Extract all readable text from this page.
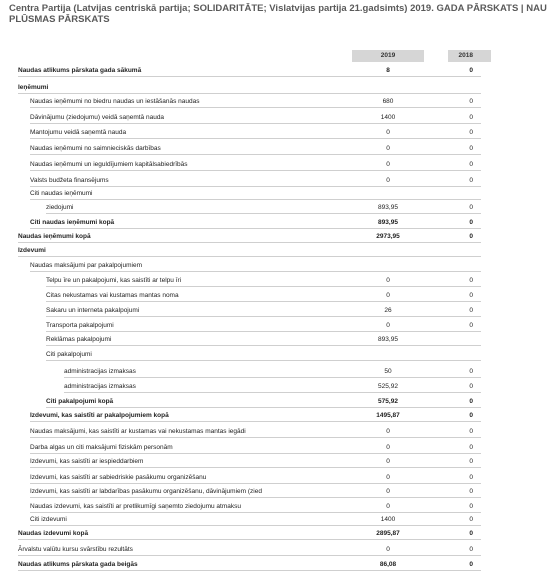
Centra Partija (Latvijas centriskā partija; SOLIDARITĀTE; Vislatvijas partija 21.gadsimts) 2019. GADA PĀRSKATS | NAU
PLŪSMAS PĀRSKATS
2019	2018
Naudas atlikums pārskata gada sākumā	8	0
Ieņēmumi
Naudas ieņēmumi no biedru naudas un iestāšanās naudas	680	0
Dāvinājumu (ziedojumu) veidā saņemtā nauda	1400	0
Mantojumu veidā saņemtā nauda	0	0
Naudas ieņēmumi no saimnieciskās darbības	0	0
Naudas ieņēmumi un ieguldījumiem kapitālsabiedrībās	0	0
Valsts budžeta finansējums	0	0
Citi naudas ieņēmumi
ziedojumi	893,95	0
Citi naudas ieņēmumi kopā	893,95	0
Naudas ieņēmumi kopā	2973,95	0
Izdevumi
Naudas maksājumi par pakalpojumiem
Telpu īre un pakalpojumi, kas saistīti ar telpu īri	0	0
Citas nekustamas vai kustamas mantas noma	0	0
Sakaru un interneta pakalpojumi	26	0
Transporta pakalpojumi	0	0
Reklāmas pakalpojumi	893,95
Citi pakalpojumi
administracijas izmaksas	50	0
administracijas izmaksas	525,92	0
Citi pakalpojumi kopā	575,92	0
Izdevumi, kas saistīti ar pakalpojumiem kopā	1495,87	0
Naudas maksājumi, kas saistīti ar kustamas vai nekustamas mantas iegādi	0	0
Darba algas un citi maksājumi fiziskām personām	0	0
Izdevumi, kas saistīti ar iespieddarbiem	0	0
Izdevumi, kas saistīti ar sabiedriskie pasākumu organizēšanu	0	0
Izdevumi, kas saistīti ar labdarības pasākumu organizēšanu, dāvinājumiem (zied	0	0
Naudas izdevumi, kas saistīti ar pretlikumīgi saņemto ziedojumu atmaksu	0	0
Citi izdevumi	1400	0
Naudas izdevumi kopā	2895,87	0
Ārvalstu valūtu kursu svārstību rezultāts	0	0
Naudas atlikums pārskata gada beigās	86,08	0
